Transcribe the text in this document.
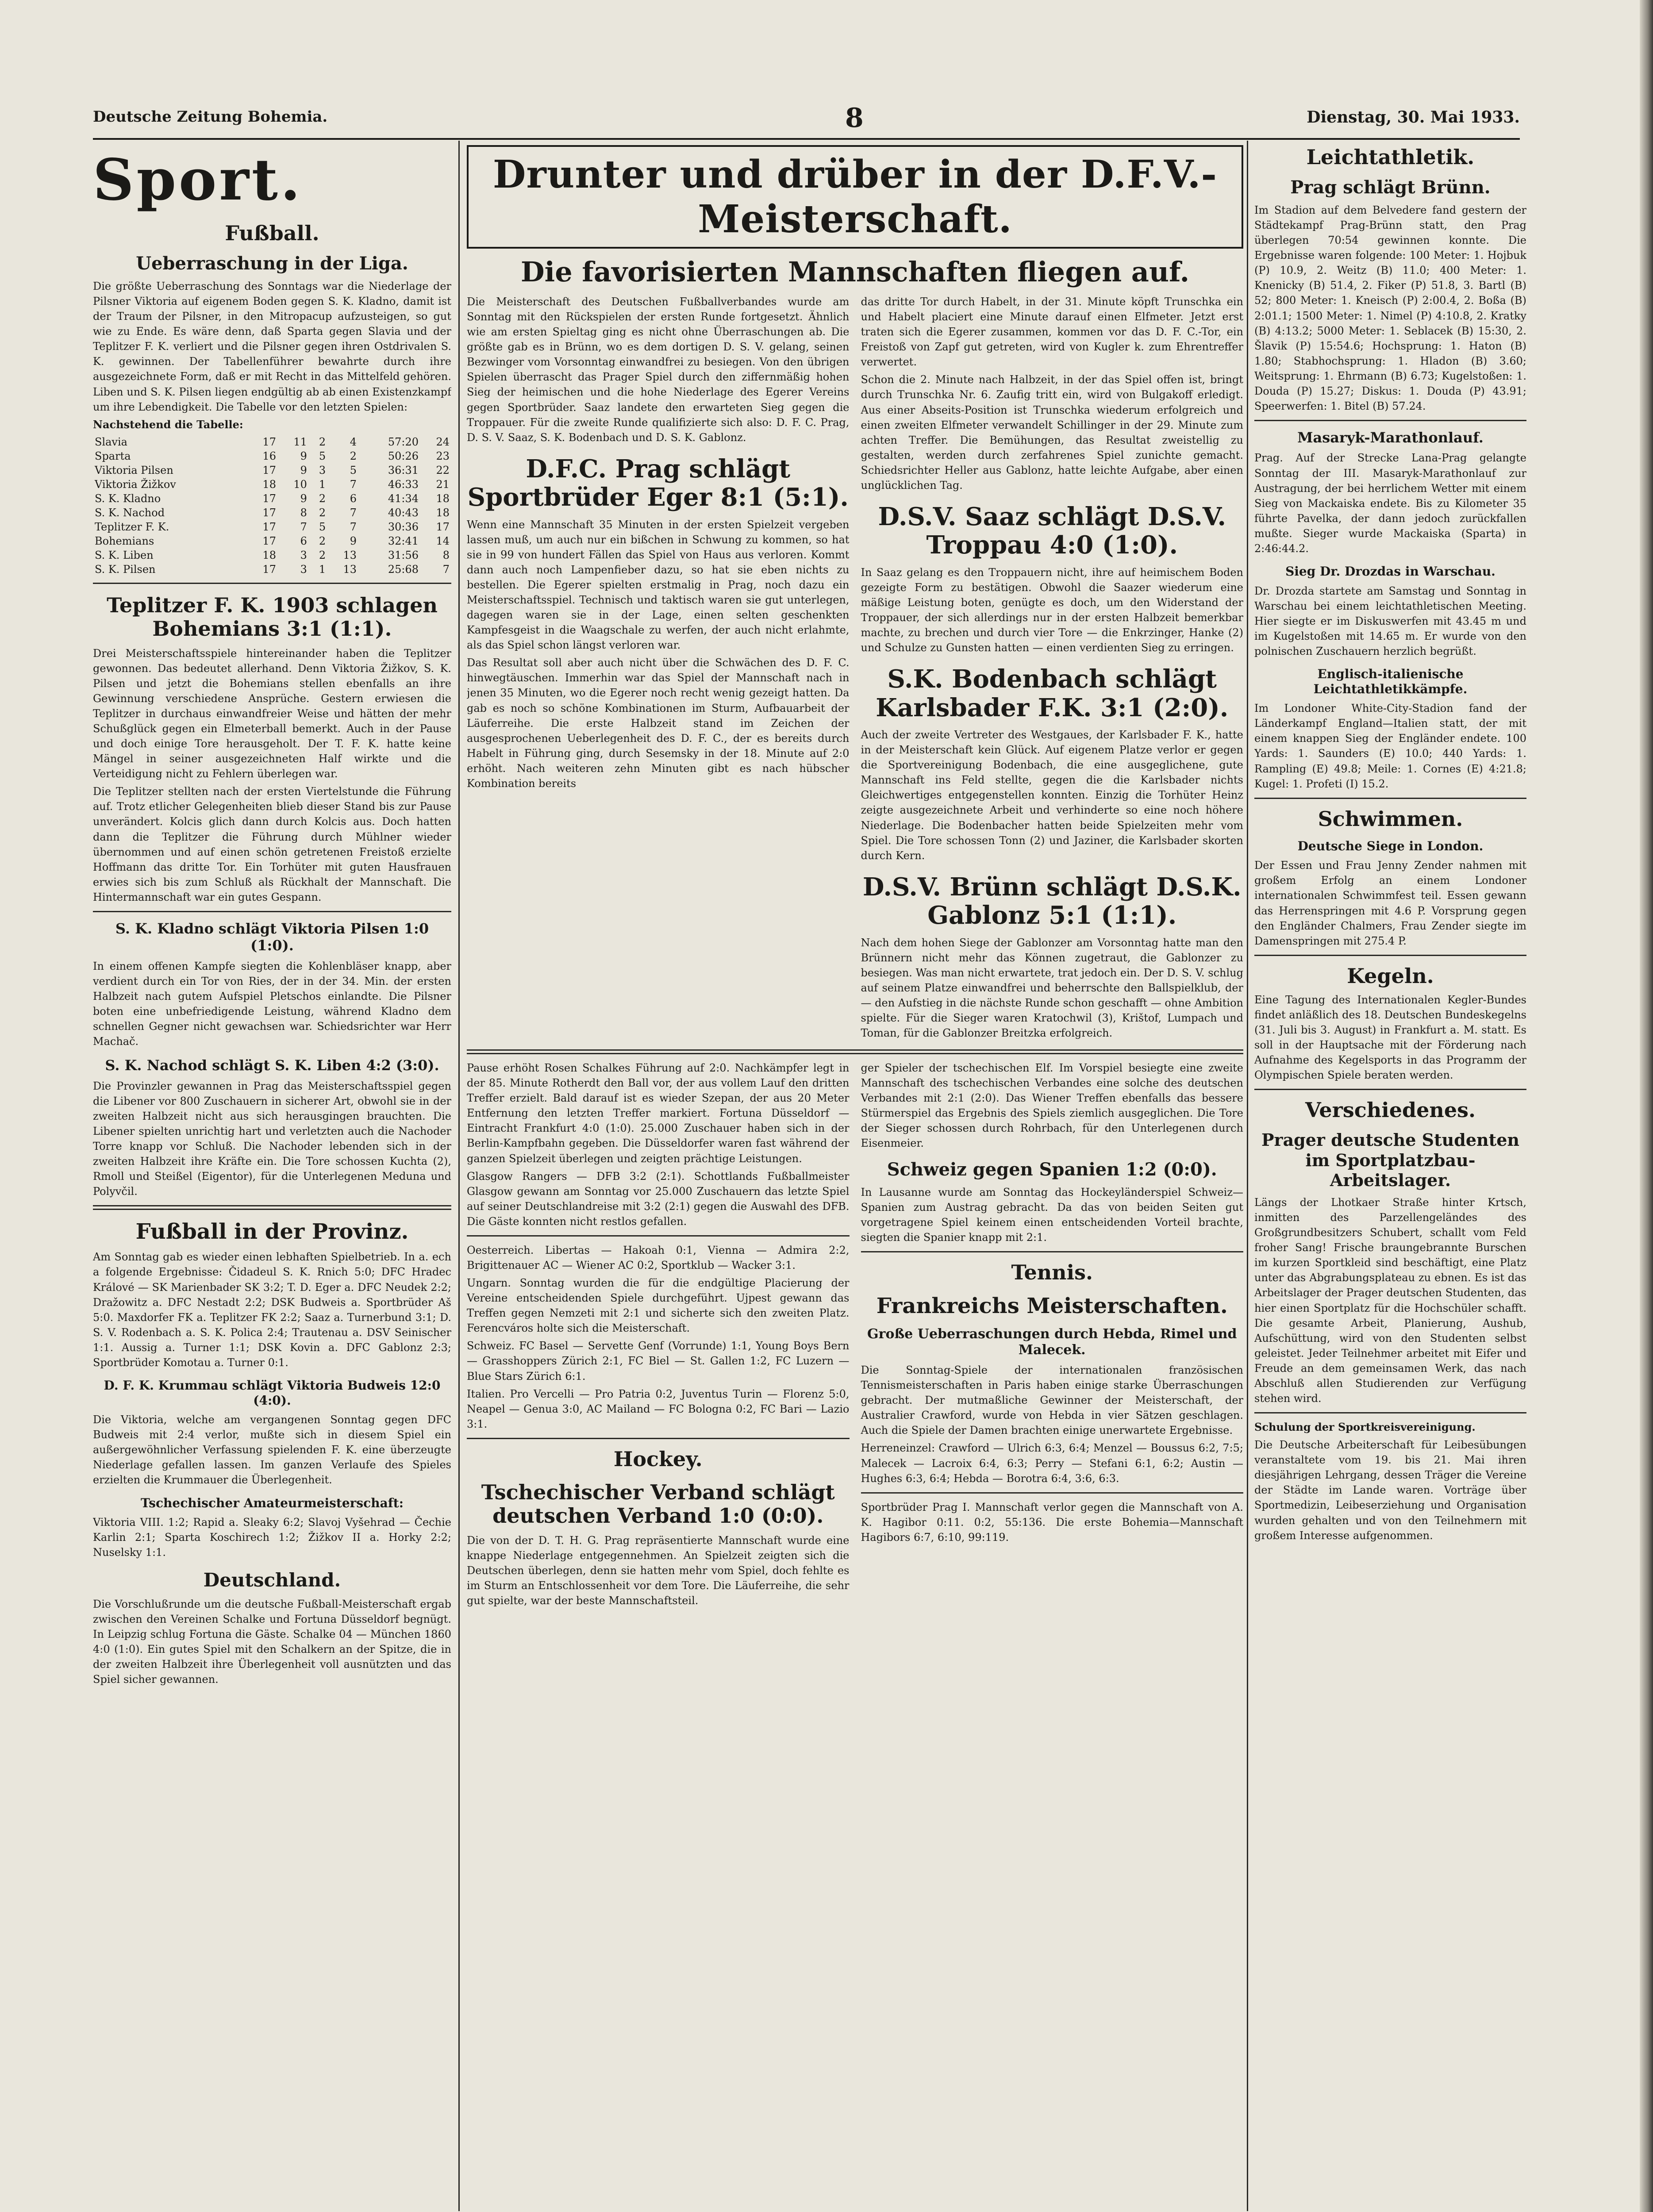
Deutsche Zeitung Bohemia.	8	Dienstag, 30. Mai 1933.
Sport.
Fußball.
Ueberraschung in der Liga.

Die größte Ueberraschung des Sonntags war die Niederlage der Pilsner Viktoria auf eigenem Boden gegen S. K. Kladno, damit ist der Traum der Pilsner, in den Mitropacup aufzusteigen, so gut wie zu Ende. Es wäre denn, daß Sparta gegen Slavia und der Teplitzer F. K. verliert und die Pilsner gegen ihren Ostdrivalen S. K. gewinnen. Der Tabellenführer bewahrte durch ihre ausgezeichnete Form, daß er mit Recht in das Mittelfeld gehören. Liben und S. K. Pilsen liegen endgültig ab ab einen Existenzkampf um ihre Lebendigkeit. Die Tabelle vor den letzten Spielen:

Nachstehend die Tabelle:
Slavia	17	11	2	4	57:20	24
Sparta	16	9	5	2	50:26	23
Viktoria Pilsen	17	9	3	5	36:31	22
Viktoria Žižkov	18	10	1	7	46:33	21
S. K. Kladno	17	9	2	6	41:34	18
S. K. Nachod	17	8	2	7	40:43	18
Teplitzer F. K.	17	7	5	7	30:36	17
Bohemians	17	6	2	9	32:41	14
S. K. Liben	18	3	2	13	31:56	8
S. K. Pilsen	17	3	1	13	25:68	7
Teplitzer F. K. 1903 schlagen Bohemians 3:1 (1:1).

Drei Meisterschaftsspiele hintereinander haben die Teplitzer gewonnen. Das bedeutet allerhand. Denn Viktoria Žižkov, S. K. Pilsen und jetzt die Bohemians stellen ebenfalls an ihre Gewinnung verschiedene Ansprüche. Gestern erwiesen die Teplitzer in durchaus einwandfreier Weise und hätten der mehr Schußglück gegen ein Elmeterball bemerkt. Auch in der Pause und doch einige Tore herausgeholt. Der T. F. K. hatte keine Mängel in seiner ausgezeichneten Half wirkte und die Verteidigung nicht zu Fehlern überlegen war.

Die Teplitzer stellten nach der ersten Viertelstunde die Führung auf. Trotz etlicher Gelegenheiten blieb dieser Stand bis zur Pause unverändert. Kolcis glich dann durch Kolcis aus. Doch hatten dann die Teplitzer die Führung durch Mühlner wieder übernommen und auf einen schön getretenen Freistoß erzielte Hoffmann das dritte Tor. Ein Torhüter mit guten Hausfrauen erwies sich bis zum Schluß als Rückhalt der Mannschaft. Die Hintermannschaft war ein gutes Gespann.

S. K. Kladno schlägt Viktoria Pilsen 1:0 (1:0).

In einem offenen Kampfe siegten die Kohlenbläser knapp, aber verdient durch ein Tor von Ries, der in der 34. Min. der ersten Halbzeit nach gutem Aufspiel Pletschos einlandte. Die Pilsner boten eine unbefriedigende Leistung, während Kladno dem schnellen Gegner nicht gewachsen war. Schiedsrichter war Herr Machač.

S. K. Nachod schlägt S. K. Liben 4:2 (3:0).

Die Provinzler gewannen in Prag das Meisterschaftsspiel gegen die Libener vor 800 Zuschauern in sicherer Art, obwohl sie in der zweiten Halbzeit nicht aus sich herausgingen brauchten. Die Libener spielten unrichtig hart und verletzten auch die Nachoder Torre knapp vor Schluß. Die Nachoder lebenden sich in der zweiten Halbzeit ihre Kräfte ein. Die Tore schossen Kuchta (2), Rmoll und Steißel (Eigentor), für die Unterlegenen Meduna und Polyvčil.

Fußball in der Provinz.

Am Sonntag gab es wieder einen lebhaften Spielbetrieb. In a. ech a folgende Ergebnisse: Čidadeul S. K. Rnich 5:0; DFC Hradec Králové — SK Marienbader SK 3:2; T. D. Eger a. DFC Neudek 2:2; Dražowitz a. DFC Nestadt 2:2; DSK Budweis a. Sportbrüder Aš 5:0. Maxdorfer FK a. Teplitzer FK 2:2; Saaz a. Turnerbund 3:1; D. S. V. Rodenbach a. S. K. Polica 2:4; Trautenau a. DSV Seinischer 1:1. Aussig a. Turner 1:1; DSK Kovin a. DFC Gablonz 2:3; Sportbrüder Komotau a. Turner 0:1.

D. F. K. Krummau schlägt Viktoria Budweis 12:0 (4:0).

Die Viktoria, welche am vergangenen Sonntag gegen DFC Budweis mit 2:4 verlor, mußte sich in diesem Spiel ein außergewöhnlicher Verfassung spielenden F. K. eine überzeugte Niederlage gefallen lassen. Im ganzen Verlaufe des Spieles erzielten die Krummauer die Überlegenheit.

Tschechischer Amateurmeisterschaft:

Viktoria VIII. 1:2; Rapid a. Sleaky 6:2; Slavoj Vyšehrad — Čechie Karlin 2:1; Sparta Koschirech 1:2; Žižkov II a. Horky 2:2; Nuselsky 1:1.

Deutschland.

Die Vorschlußrunde um die deutsche Fußball-Meisterschaft ergab zwischen den Vereinen Schalke und Fortuna Düsseldorf begnügt. In Leipzig schlug Fortuna die Gäste. Schalke 04 — München 1860 4:0 (1:0). Ein gutes Spiel mit den Schalkern an der Spitze, die in der zweiten Halbzeit ihre Überlegenheit voll ausnützten und das Spiel sicher gewannen.

Drunter und drüber in der D.F.V.-Meisterschaft.
Die favorisierten Mannschaften fliegen auf.

Die Meisterschaft des Deutschen Fußballverbandes wurde am Sonntag mit den Rückspielen der ersten Runde fortgesetzt. Ähnlich wie am ersten Spieltag ging es nicht ohne Überraschungen ab. Die größte gab es in Brünn, wo es dem dortigen D. S. V. gelang, seinen Bezwinger vom Vorsonntag einwandfrei zu besiegen. Von den übrigen Spielen überrascht das Prager Spiel durch den ziffernmäßig hohen Sieg der heimischen und die hohe Niederlage des Egerer Vereins gegen Sportbrüder. Saaz landete den erwarteten Sieg gegen die Troppauer. Für die zweite Runde qualifizierte sich also: D. F. C. Prag, D. S. V. Saaz, S. K. Bodenbach und D. S. K. Gablonz.

D.F.C. Prag schlägt Sportbrüder Eger 8:1 (5:1).

Wenn eine Mannschaft 35 Minuten in der ersten Spielzeit vergeben lassen muß, um auch nur ein bißchen in Schwung zu kommen, so hat sie in 99 von hundert Fällen das Spiel von Haus aus verloren. Kommt dann auch noch Lampenfieber dazu, so hat sie eben nichts zu bestellen. Die Egerer spielten erstmalig in Prag, noch dazu ein Meisterschaftsspiel. Technisch und taktisch waren sie gut unterlegen, dagegen waren sie in der Lage, einen selten geschenkten Kampfesgeist in die Waagschale zu werfen, der auch nicht erlahmte, als das Spiel schon längst verloren war.

Das Resultat soll aber auch nicht über die Schwächen des D. F. C. hinwegtäuschen. Immerhin war das Spiel der Mannschaft nach in jenen 35 Minuten, wo die Egerer noch recht wenig gezeigt hatten. Da gab es noch so schöne Kombinationen im Sturm, Aufbauarbeit der Läuferreihe. Die erste Halbzeit stand im Zeichen der ausgesprochenen Ueberlegenheit des D. F. C., der es bereits durch Habelt in Führung ging, durch Sesemsky in der 18. Minute auf 2:0 erhöht. Nach weiteren zehn Minuten gibt es nach hübscher Kombination bereits

das dritte Tor durch Habelt, in der 31. Minute köpft Trunschka ein und Habelt placiert eine Minute darauf einen Elfmeter. Jetzt erst traten sich die Egerer zusammen, kommen vor das D. F. C.-Tor, ein Freistoß von Zapf gut getreten, wird von Kugler k. zum Ehrentreffer verwertet.

Schon die 2. Minute nach Halbzeit, in der das Spiel offen ist, bringt durch Trunschka Nr. 6. Zaufig tritt ein, wird von Bulgakoff erledigt. Aus einer Abseits-Position ist Trunschka wiederum erfolgreich und einen zweiten Elfmeter verwandelt Schillinger in der 29. Minute zum achten Treffer. Die Bemühungen, das Resultat zweistellig zu gestalten, werden durch zerfahrenes Spiel zunichte gemacht. Schiedsrichter Heller aus Gablonz, hatte leichte Aufgabe, aber einen unglücklichen Tag.

D.S.V. Saaz schlägt D.S.V. Troppau 4:0 (1:0).

In Saaz gelang es den Troppauern nicht, ihre auf heimischem Boden gezeigte Form zu bestätigen. Obwohl die Saazer wiederum eine mäßige Leistung boten, genügte es doch, um den Widerstand der Troppauer, der sich allerdings nur in der ersten Halbzeit bemerkbar machte, zu brechen und durch vier Tore — die Enkrzinger, Hanke (2) und Schulze zu Gunsten hatten — einen verdienten Sieg zu erringen.

S.K. Bodenbach schlägt Karlsbader F.K. 3:1 (2:0).

Auch der zweite Vertreter des Westgaues, der Karlsbader F. K., hatte in der Meisterschaft kein Glück. Auf eigenem Platze verlor er gegen die Sportvereinigung Bodenbach, die eine ausgeglichene, gute Mannschaft ins Feld stellte, gegen die die Karlsbader nichts Gleichwertiges entgegenstellen konnten. Einzig die Torhüter Heinz zeigte ausgezeichnete Arbeit und verhinderte so eine noch höhere Niederlage. Die Bodenbacher hatten beide Spielzeiten mehr vom Spiel. Die Tore schossen Tonn (2) und Jaziner, die Karlsbader skorten durch Kern.

D.S.V. Brünn schlägt D.S.K. Gablonz 5:1 (1:1).

Nach dem hohen Siege der Gablonzer am Vorsonntag hatte man den Brünnern nicht mehr das Können zugetraut, die Gablonzer zu besiegen. Was man nicht erwartete, trat jedoch ein. Der D. S. V. schlug auf seinem Platze einwandfrei und beherrschte den Ballspielklub, der — den Aufstieg in die nächste Runde schon geschafft — ohne Ambition spielte. Für die Sieger waren Kratochwil (3), Krištof, Lumpach und Toman, für die Gablonzer Breitzka erfolgreich.

Pause erhöht Rosen Schalkes Führung auf 2:0. Nachkämpfer legt in der 85. Minute Rotherdt den Ball vor, der aus vollem Lauf den dritten Treffer erzielt. Bald darauf ist es wieder Szepan, der aus 20 Meter Entfernung den letzten Treffer markiert. Fortuna Düsseldorf — Eintracht Frankfurt 4:0 (1:0). 25.000 Zuschauer haben sich in der Berlin-Kampfbahn gegeben. Die Düsseldorfer waren fast während der ganzen Spielzeit überlegen und zeigten prächtige Leistungen.

Glasgow Rangers — DFB 3:2 (2:1). Schottlands Fußballmeister Glasgow gewann am Sonntag vor 25.000 Zuschauern das letzte Spiel auf seiner Deutschlandreise mit 3:2 (2:1) gegen die Auswahl des DFB. Die Gäste konnten nicht restlos gefallen.

Oesterreich. Libertas — Hakoah 0:1, Vienna — Admira 2:2, Brigittenauer AC — Wiener AC 0:2, Sportklub — Wacker 3:1.

Ungarn. Sonntag wurden die für die endgültige Placierung der Vereine entscheidenden Spiele durchgeführt. Ujpest gewann das Treffen gegen Nemzeti mit 2:1 und sicherte sich den zweiten Platz. Ferencváros holte sich die Meisterschaft.

Schweiz. FC Basel — Servette Genf (Vorrunde) 1:1, Young Boys Bern — Grasshoppers Zürich 2:1, FC Biel — St. Gallen 1:2, FC Luzern — Blue Stars Zürich 6:1.

Italien. Pro Vercelli — Pro Patria 0:2, Juventus Turin — Florenz 5:0, Neapel — Genua 3:0, AC Mailand — FC Bologna 0:2, FC Bari — Lazio 3:1.

Hockey.
Tschechischer Verband schlägt deutschen Verband 1:0 (0:0).

Die von der D. T. H. G. Prag repräsentierte Mannschaft wurde eine knappe Niederlage entgegennehmen. An Spielzeit zeigten sich die Deutschen überlegen, denn sie hatten mehr vom Spiel, doch fehlte es im Sturm an Entschlossenheit vor dem Tore. Die Läuferreihe, die sehr gut spielte, war der beste Mannschaftsteil.

ger Spieler der tschechischen Elf. Im Vorspiel besiegte eine zweite Mannschaft des tschechischen Verbandes eine solche des deutschen Verbandes mit 2:1 (2:0). Das Wiener Treffen ebenfalls das bessere Stürmerspiel das Ergebnis des Spiels ziemlich ausgeglichen. Die Tore der Sieger schossen durch Rohrbach, für den Unterlegenen durch Eisenmeier.

Schweiz gegen Spanien 1:2 (0:0).

In Lausanne wurde am Sonntag das Hockeyländerspiel Schweiz—Spanien zum Austrag gebracht. Da das von beiden Seiten gut vorgetragene Spiel keinem einen entscheidenden Vorteil brachte, siegten die Spanier knapp mit 2:1.

Tennis.
Frankreichs Meisterschaften.
Große Ueberraschungen durch Hebda, Rimel und Malecek.

Die Sonntag-Spiele der internationalen französischen Tennismeisterschaften in Paris haben einige starke Überraschungen gebracht. Der mutmaßliche Gewinner der Meisterschaft, der Australier Crawford, wurde von Hebda in vier Sätzen geschlagen. Auch die Spiele der Damen brachten einige unerwartete Ergebnisse.

Herreneinzel: Crawford — Ulrich 6:3, 6:4; Menzel — Boussus 6:2, 7:5; Malecek — Lacroix 6:4, 6:3; Perry — Stefani 6:1, 6:2; Austin — Hughes 6:3, 6:4; Hebda — Borotra 6:4, 3:6, 6:3.

Sportbrüder Prag I. Mannschaft verlor gegen die Mannschaft von A. K. Hagibor 0:11. 0:2, 55:136. Die erste Bohemia—Mannschaft Hagibors 6:7, 6:10, 99:119.

Leichtathletik.
Prag schlägt Brünn.

Im Stadion auf dem Belvedere fand gestern der Städtekampf Prag-Brünn statt, den Prag überlegen 70:54 gewinnen konnte. Die Ergebnisse waren folgende: 100 Meter: 1. Hojbuk (P) 10.9, 2. Weitz (B) 11.0; 400 Meter: 1. Knenicky (B) 51.4, 2. Fiker (P) 51.8, 3. Bartl (B) 52; 800 Meter: 1. Kneisch (P) 2:00.4, 2. Boßa (B) 2:01.1; 1500 Meter: 1. Nimel (P) 4:10.8, 2. Kratky (B) 4:13.2; 5000 Meter: 1. Seblacek (B) 15:30, 2. Šlavik (P) 15:54.6; Hochsprung: 1. Haton (B) 1.80; Stabhochsprung: 1. Hladon (B) 3.60; Weitsprung: 1. Ehrmann (B) 6.73; Kugelstoßen: 1. Douda (P) 15.27; Diskus: 1. Douda (P) 43.91; Speerwerfen: 1. Bitel (B) 57.24.

Masaryk-Marathonlauf.

Prag. Auf der Strecke Lana-Prag gelangte Sonntag der III. Masaryk-Marathonlauf zur Austragung, der bei herrlichem Wetter mit einem Sieg von Mackaiska endete. Bis zu Kilometer 35 führte Pavelka, der dann jedoch zurückfallen mußte. Sieger wurde Mackaiska (Sparta) in 2:46:44.2.

Sieg Dr. Drozdas in Warschau.

Dr. Drozda startete am Samstag und Sonntag in Warschau bei einem leichtathletischen Meeting. Hier siegte er im Diskuswerfen mit 43.45 m und im Kugelstoßen mit 14.65 m. Er wurde von den polnischen Zuschauern herzlich begrüßt.

Englisch-italienische Leichtathletikkämpfe.

Im Londoner White-City-Stadion fand der Länderkampf England—Italien statt, der mit einem knappen Sieg der Engländer endete. 100 Yards: 1. Saunders (E) 10.0; 440 Yards: 1. Rampling (E) 49.8; Meile: 1. Cornes (E) 4:21.8; Kugel: 1. Profeti (I) 15.2.

Schwimmen.
Deutsche Siege in London.

Der Essen und Frau Jenny Zender nahmen mit großem Erfolg an einem Londoner internationalen Schwimmfest teil. Essen gewann das Herrenspringen mit 4.6 P. Vorsprung gegen den Engländer Chalmers, Frau Zender siegte im Damenspringen mit 275.4 P.

Kegeln.

Eine Tagung des Internationalen Kegler-Bundes findet anläßlich des 18. Deutschen Bundeskegelns (31. Juli bis 3. August) in Frankfurt a. M. statt. Es soll in der Hauptsache mit der Förderung nach Aufnahme des Kegelsports in das Programm der Olympischen Spiele beraten werden.

Verschiedenes.
Prager deutsche Studenten im Sportplatzbau-Arbeitslager.

Längs der Lhotkaer Straße hinter Krtsch, inmitten des Parzellengeländes des Großgrundbesitzers Schubert, schallt vom Feld froher Sang! Frische braungebrannte Burschen im kurzen Sportkleid sind beschäftigt, eine Platz unter das Abgrabungsplateau zu ebnen. Es ist das Arbeitslager der Prager deutschen Studenten, das hier einen Sportplatz für die Hochschüler schafft. Die gesamte Arbeit, Planierung, Aushub, Aufschüttung, wird von den Studenten selbst geleistet. Jeder Teilnehmer arbeitet mit Eifer und Freude an dem gemeinsamen Werk, das nach Abschluß allen Studierenden zur Verfügung stehen wird.

Schulung der Sportkreisvereinigung.

Die Deutsche Arbeiterschaft für Leibesübungen veranstaltete vom 19. bis 21. Mai ihren diesjährigen Lehrgang, dessen Träger die Vereine der Städte im Lande waren. Vorträge über Sportmedizin, Leibeserziehung und Organisation wurden gehalten und von den Teilnehmern mit großem Interesse aufgenommen.
